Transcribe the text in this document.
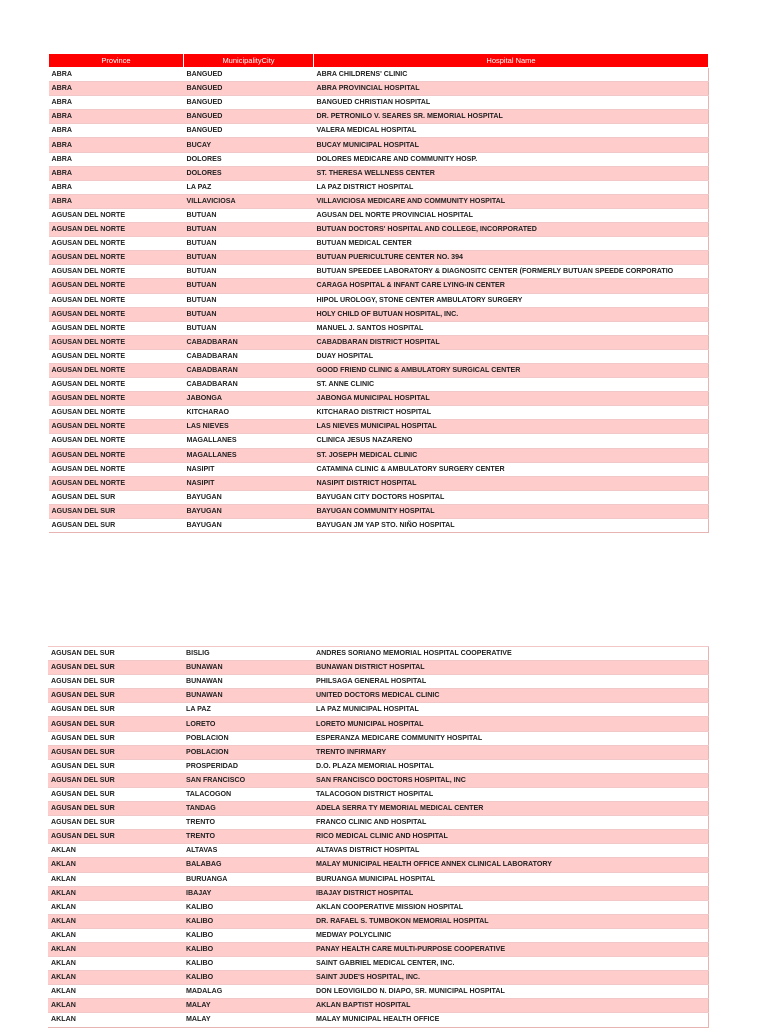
Province	MunicipalityCity	Hospital Name
ABRA	BANGUED	ABRA CHILDRENS' CLINIC
ABRA	BANGUED	ABRA PROVINCIAL HOSPITAL
ABRA	BANGUED	BANGUED CHRISTIAN HOSPITAL
ABRA	BANGUED	DR. PETRONILO V. SEARES SR. MEMORIAL HOSPITAL
ABRA	BANGUED	VALERA MEDICAL HOSPITAL
ABRA	BUCAY	BUCAY MUNICIPAL HOSPITAL
ABRA	DOLORES	DOLORES MEDICARE AND COMMUNITY HOSP.
ABRA	DOLORES	ST. THERESA WELLNESS CENTER
ABRA	LA PAZ	LA PAZ DISTRICT HOSPITAL
ABRA	VILLAVICIOSA	VILLAVICIOSA MEDICARE AND COMMUNITY HOSPITAL
AGUSAN DEL NORTE	BUTUAN	AGUSAN DEL NORTE PROVINCIAL HOSPITAL
AGUSAN DEL NORTE	BUTUAN	BUTUAN DOCTORS' HOSPITAL AND COLLEGE, INCORPORATED
AGUSAN DEL NORTE	BUTUAN	BUTUAN MEDICAL CENTER
AGUSAN DEL NORTE	BUTUAN	BUTUAN PUERICULTURE CENTER NO. 394
AGUSAN DEL NORTE	BUTUAN	BUTUAN SPEEDEE LABORATORY & DIAGNOSITC CENTER (FORMERLY BUTUAN SPEEDE CORPORATIO
AGUSAN DEL NORTE	BUTUAN	CARAGA HOSPITAL & INFANT CARE LYING-IN CENTER
AGUSAN DEL NORTE	BUTUAN	HIPOL UROLOGY, STONE CENTER AMBULATORY SURGERY
AGUSAN DEL NORTE	BUTUAN	HOLY CHILD OF BUTUAN HOSPITAL, INC.
AGUSAN DEL NORTE	BUTUAN	MANUEL J. SANTOS HOSPITAL
AGUSAN DEL NORTE	CABADBARAN	CABADBARAN DISTRICT HOSPITAL
AGUSAN DEL NORTE	CABADBARAN	DUAY HOSPITAL
AGUSAN DEL NORTE	CABADBARAN	GOOD FRIEND CLINIC & AMBULATORY SURGICAL CENTER
AGUSAN DEL NORTE	CABADBARAN	ST. ANNE CLINIC
AGUSAN DEL NORTE	JABONGA	JABONGA MUNICIPAL HOSPITAL
AGUSAN DEL NORTE	KITCHARAO	KITCHARAO DISTRICT HOSPITAL
AGUSAN DEL NORTE	LAS NIEVES	LAS NIEVES MUNICIPAL HOSPITAL
AGUSAN DEL NORTE	MAGALLANES	CLINICA JESUS NAZARENO
AGUSAN DEL NORTE	MAGALLANES	ST. JOSEPH MEDICAL CLINIC
AGUSAN DEL NORTE	NASIPIT	CATAMINA CLINIC & AMBULATORY SURGERY CENTER
AGUSAN DEL NORTE	NASIPIT	NASIPIT DISTRICT HOSPITAL
AGUSAN DEL SUR	BAYUGAN	BAYUGAN CITY DOCTORS HOSPITAL
AGUSAN DEL SUR	BAYUGAN	BAYUGAN COMMUNITY HOSPITAL
AGUSAN DEL SUR	BAYUGAN	BAYUGAN JM YAP STO. NIÑO HOSPITAL
AGUSAN DEL SUR	BISLIG	ANDRES SORIANO MEMORIAL HOSPITAL COOPERATIVE
AGUSAN DEL SUR	BUNAWAN	BUNAWAN DISTRICT HOSPITAL
AGUSAN DEL SUR	BUNAWAN	PHILSAGA GENERAL HOSPITAL
AGUSAN DEL SUR	BUNAWAN	UNITED DOCTORS MEDICAL CLINIC
AGUSAN DEL SUR	LA PAZ	LA PAZ MUNICIPAL HOSPITAL
AGUSAN DEL SUR	LORETO	LORETO MUNICIPAL HOSPITAL
AGUSAN DEL SUR	POBLACION	ESPERANZA MEDICARE COMMUNITY HOSPITAL
AGUSAN DEL SUR	POBLACION	TRENTO INFIRMARY
AGUSAN DEL SUR	PROSPERIDAD	D.O. PLAZA MEMORIAL HOSPITAL
AGUSAN DEL SUR	SAN FRANCISCO	SAN FRANCISCO DOCTORS HOSPITAL, INC
AGUSAN DEL SUR	TALACOGON	TALACOGON DISTRICT HOSPITAL
AGUSAN DEL SUR	TANDAG	ADELA SERRA TY MEMORIAL MEDICAL CENTER
AGUSAN DEL SUR	TRENTO	FRANCO CLINIC AND HOSPITAL
AGUSAN DEL SUR	TRENTO	RICO MEDICAL CLINIC AND HOSPITAL
AKLAN	ALTAVAS	ALTAVAS DISTRICT HOSPITAL
AKLAN	BALABAG	MALAY MUNICIPAL HEALTH OFFICE ANNEX CLINICAL LABORATORY
AKLAN	BURUANGA	BURUANGA MUNICIPAL HOSPITAL
AKLAN	IBAJAY	IBAJAY DISTRICT HOSPITAL
AKLAN	KALIBO	AKLAN COOPERATIVE MISSION HOSPITAL
AKLAN	KALIBO	DR. RAFAEL S. TUMBOKON MEMORIAL HOSPITAL
AKLAN	KALIBO	MEDWAY POLYCLINIC
AKLAN	KALIBO	PANAY HEALTH CARE MULTI-PURPOSE COOPERATIVE
AKLAN	KALIBO	SAINT GABRIEL MEDICAL CENTER, INC.
AKLAN	KALIBO	SAINT JUDE'S HOSPITAL, INC.
AKLAN	MADALAG	DON LEOVIGILDO N. DIAPO, SR. MUNICIPAL HOSPITAL
AKLAN	MALAY	AKLAN BAPTIST HOSPITAL
AKLAN	MALAY	MALAY MUNICIPAL HEALTH OFFICE
